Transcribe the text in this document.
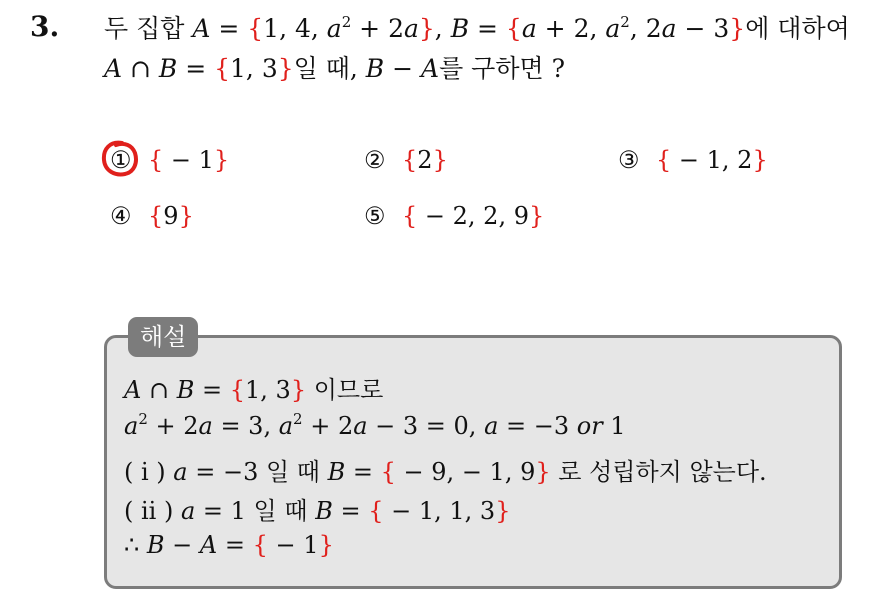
3. 두 집합 A = {1, 4, $a^2 + 2a$}, B = {a + 2, $a^2$, 2a − 3}에 대하여
A ∩ B = {1, 3}일 때, B − A를 구하면 ?
① { − 1}	② {2}	③ { − 1, 2}
④ {9}	⑤ { − 2, 2, 9}
해설
A ∩ B = {1, 3} 이므로
$a^2 + 2a = 3$, $a^2 + 2a - 3 = 0$, a = −3 or 1
( i ) a = −3 일 때 B = { − 9, − 1, 9} 로 성립하지 않는다.
( ii ) a = 1 일 때 B = { − 1, 1, 3}
∴ B − A = { − 1}
